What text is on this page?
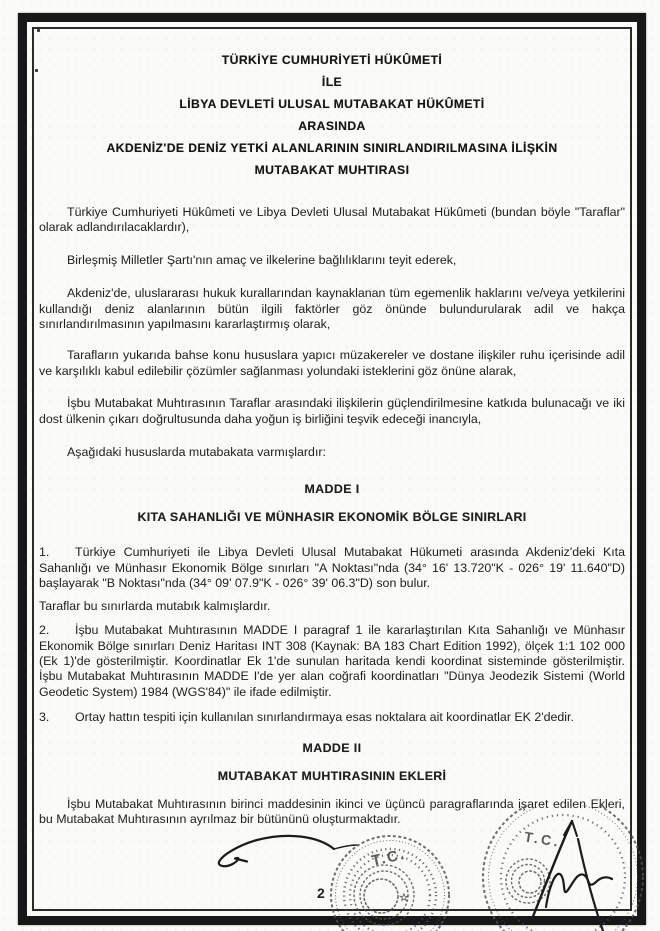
TÜRKİYE CUMHURİYETİ HÜKÛMETİ
İLE
LİBYA DEVLETİ ULUSAL MUTABAKAT HÜKÛMETİ
ARASINDA
AKDENİZ'DE DENİZ YETKİ ALANLARININ SINIRLANDIRILMASINA İLİŞKİN
MUTABAKAT MUHTIRASI

Türkiye Cumhuriyeti Hükûmeti ve Libya Devleti Ulusal Mutabakat Hükûmeti (bundan böyle "Taraflar" olarak adlandırılacaklardır),

Birleşmiş Milletler Şartı'nın amaç ve ilkelerine bağlılıklarını teyit ederek,

Akdeniz'de, uluslararası hukuk kurallarından kaynaklanan tüm egemenlik haklarını ve/veya yetkilerini kullandığı deniz alanlarının bütün ilgili faktörler göz önünde bulundurularak adil ve hakça sınırlandırılmasının yapılmasını kararlaştırmış olarak,

Tarafların yukarıda bahse konu hususlara yapıcı müzakereler ve dostane ilişkiler ruhu içerisinde adil ve karşılıklı kabul edilebilir çözümler sağlanması yolundaki isteklerini göz önüne alarak,

İşbu Mutabakat Muhtırasının Taraflar arasındaki ilişkilerin güçlendirilmesine katkıda bulunacağı ve iki dost ülkenin çıkarı doğrultusunda daha yoğun iş birliğini teşvik edeceği inancıyla,

Aşağıdaki hususlarda mutabakata varmışlardır:

MADDE I
KITA SAHANLIĞI VE MÜNHASIR EKONOMİK BÖLGE SINIRLARI

1. Türkiye Cumhuriyeti ile Libya Devleti Ulusal Mutabakat Hükumeti arasında Akdeniz'deki Kıta Sahanlığı ve Münhasır Ekonomik Bölge sınırları "A Noktası"nda (34° 16' 13.720"K - 026° 19' 11.640"D) başlayarak "B Noktası"nda (34° 09' 07.9"K - 026° 39' 06.3"D) son bulur.

Taraflar bu sınırlarda mutabık kalmışlardır.

2. İşbu Mutabakat Muhtırasının MADDE I paragraf 1 ile kararlaştırılan Kıta Sahanlığı ve Münhasır Ekonomik Bölge sınırları Deniz Haritası INT 308 (Kaynak: BA 183 Chart Edition 1992), ölçek 1:1 102 000 (Ek 1)'de gösterilmiştir. Koordinatlar Ek 1'de sunulan haritada kendi koordinat sisteminde gösterilmiştir. İşbu Mutabakat Muhtırasının MADDE I'de yer alan coğrafi koordinatları "Dünya Jeodezik Sistemi (World Geodetic System) 1984 (WGS'84)" ile ifade edilmiştir.

3. Ortay hattın tespiti için kullanılan sınırlandırmaya esas noktalara ait koordinatlar EK 2'dedir.

MADDE II
MUTABAKAT MUHTIRASININ EKLERİ

İşbu Mutabakat Muhtırasının birinci maddesinin ikinci ve üçüncü paragraflarında işaret edilen Ekleri, bu Mutabakat Muhtırasının ayrılmaz bir bütününü oluşturmaktadır.

2
T.C.
☆
T.C.
